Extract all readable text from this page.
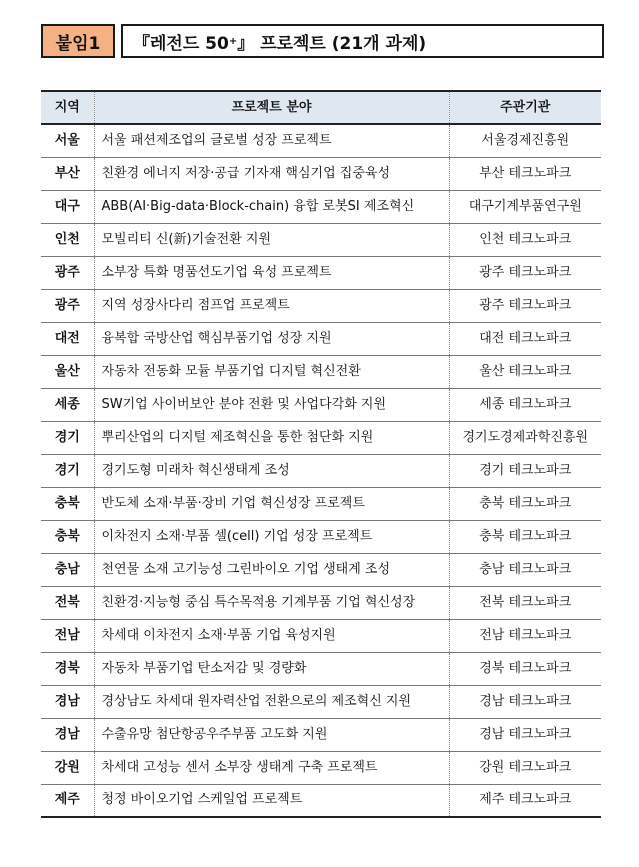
붙임1	『레전드 50 + 』 프로젝트 (21개 과제)
지역	프로젝트 분야	주관기관
서울	서울 패션제조업의 글로벌 성장 프로젝트	서울경제진흥원
부산	친환경 에너지 저장‧공급 기자재 핵심기업 집중육성	부산 테크노파크
대구	ABB(AI·Big-data·Block-chain) 융합 로봇SI 제조혁신	대구기계부품연구원
인천	모빌리티 신(新)기술전환 지원	인천 테크노파크
광주	소부장 특화 명품선도기업 육성 프로젝트	광주 테크노파크
광주	지역 성장사다리 점프업 프로젝트	광주 테크노파크
대전	융복합 국방산업 핵심부품기업 성장 지원	대전 테크노파크
울산	자동차 전동화 모듈 부품기업 디지털 혁신전환	울산 테크노파크
세종	SW기업 사이버보안 분야 전환 및 사업다각화 지원	세종 테크노파크
경기	뿌리산업의 디지털 제조혁신을 통한 첨단화 지원	경기도경제과학진흥원
경기	경기도형 미래차 혁신생태계 조성	경기 테크노파크
충북	반도체 소재·부품·장비 기업 혁신성장 프로젝트	충북 테크노파크
충북	이차전지 소재·부품 셀(cell) 기업 성장 프로젝트	충북 테크노파크
충남	천연물 소재 고기능성 그린바이오 기업 생태계 조성	충남 테크노파크
전북	친환경·지능형 중심 특수목적용 기계부품 기업 혁신성장	전북 테크노파크
전남	차세대 이차전지 소재·부품 기업 육성지원	전남 테크노파크
경북	자동차 부품기업 탄소저감 및 경량화	경북 테크노파크
경남	경상남도 차세대 원자력산업 전환으로의 제조혁신 지원	경남 테크노파크
경남	수출유망 첨단항공우주부품 고도화 지원	경남 테크노파크
강원	차세대 고성능 센서 소부장 생태계 구축 프로젝트	강원 테크노파크
제주	청정 바이오기업 스케일업 프로젝트	제주 테크노파크
